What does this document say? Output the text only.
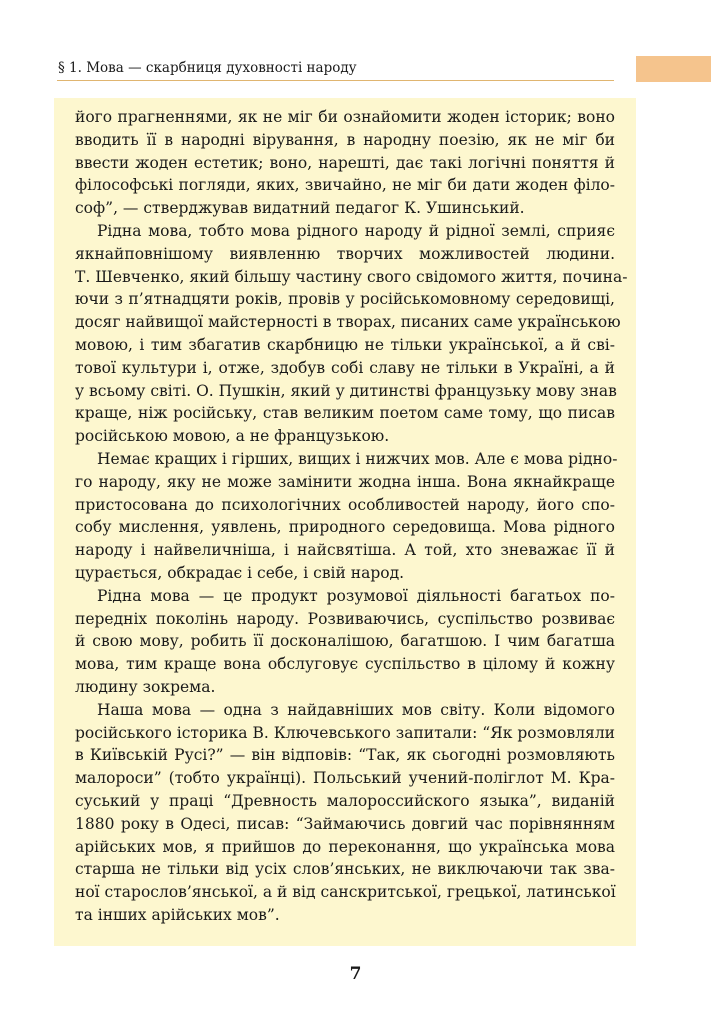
§ 1. Мова — скарбниця духовності народу
його прагненнями, як не міг би ознайомити жоден історик; воно
вводить її в народні вірування, в народну поезію, як не міг би
ввести жоден естетик; воно, нарешті, дає такі логічні поняття й
філософські погляди, яких, звичайно, не міг би дати жоден філо-
соф”, — стверджував видатний педагог К. Ушинський.
Рідна мова, тобто мова рідного народу й рідної землі, сприяє
якнайповнішому виявленню творчих можливостей людини.
Т. Шевченко, який більшу частину свого свідомого життя, почина-
ючи з п’ятнадцяти років, провів у російськомовному середовищі,
досяг найвищої майстерності в творах, писаних саме українською
мовою, і тим збагатив скарбницю не тільки української, а й сві-
тової культури і, отже, здобув собі славу не тільки в Україні, а й
у всьому світі. О. Пушкін, який у дитинстві французьку мову знав
краще, ніж російську, став великим поетом саме тому, що писав
російською мовою, а не французькою.
Немає кращих і гірших, вищих і нижчих мов. Але є мова рідно-
го народу, яку не може замінити жодна інша. Вона якнайкраще
пристосована до психологічних особливостей народу, його спо-
собу мислення, уявлень, природного середовища. Мова рідного
народу і найвеличніша, і найсвятіша. А той, хто зневажає її й
цурається, обкрадає і себе, і свій народ.
Рідна мова — це продукт розумової діяльності багатьох по-
передніх поколінь народу. Розвиваючись, суспільство розвиває
й свою мову, робить її досконалішою, багатшою. І чим багатша
мова, тим краще вона обслуговує суспільство в цілому й кожну
людину зокрема.
Наша мова — одна з найдавніших мов світу. Коли відомого
російського історика В. Ключевського запитали: “Як розмовляли
в Київській Русі?” — він відповів: “Так, як сьогодні розмовляють
малороси” (тобто українці). Польський учений-поліглот М. Кра-
суський у праці “Древность малороссийского языка”, виданій
1880 року в Одесі, писав: “Займаючись довгий час порівнянням
арійських мов, я прийшов до переконання, що українська мова
старша не тільки від усіх слов’янських, не виключаючи так зва-
ної старослов’янської, а й від санскритської, грецької, латинської
та інших арійських мов”.
7
